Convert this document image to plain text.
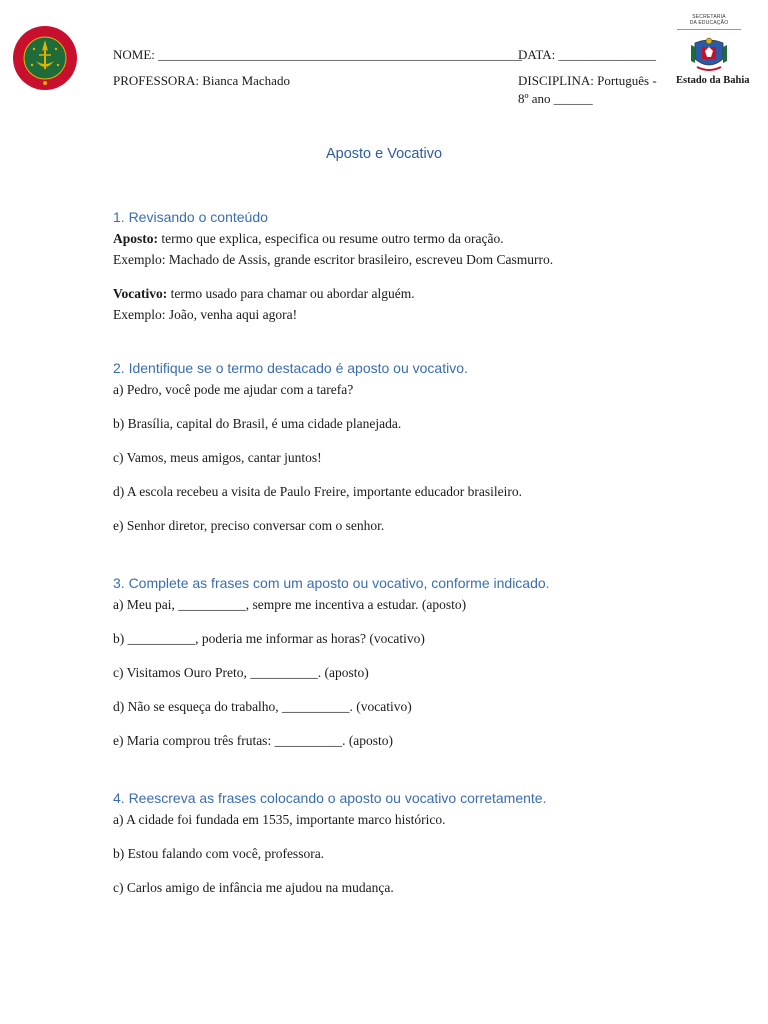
NOME: ________________________________________________________
DATA: _______________
PROFESSORA: Bianca Machado	DISCIPLINA: Português - 8º ano ______
SECRETARIA
DA EDUCAÇÃO
Estado da Bahia
Aposto e Vocativo
1. Revisando o conteúdo

Aposto: termo que explica, especifica ou resume outro termo da oração.

Exemplo: Machado de Assis, grande escritor brasileiro, escreveu Dom Casmurro.

Vocativo: termo usado para chamar ou abordar alguém.

Exemplo: João, venha aqui agora!

2. Identifique se o termo destacado é aposto ou vocativo.

a) Pedro, você pode me ajudar com a tarefa?

b) Brasília, capital do Brasil, é uma cidade planejada.

c) Vamos, meus amigos, cantar juntos!

d) A escola recebeu a visita de Paulo Freire, importante educador brasileiro.

e) Senhor diretor, preciso conversar com o senhor.

3. Complete as frases com um aposto ou vocativo, conforme indicado.

a) Meu pai, __________, sempre me incentiva a estudar. (aposto)

b) __________, poderia me informar as horas? (vocativo)

c) Visitamos Ouro Preto, __________. (aposto)

d) Não se esqueça do trabalho, __________. (vocativo)

e) Maria comprou três frutas: __________. (aposto)

4. Reescreva as frases colocando o aposto ou vocativo corretamente.

a) A cidade foi fundada em 1535, importante marco histórico.

b) Estou falando com você, professora.

c) Carlos amigo de infância me ajudou na mudança.
